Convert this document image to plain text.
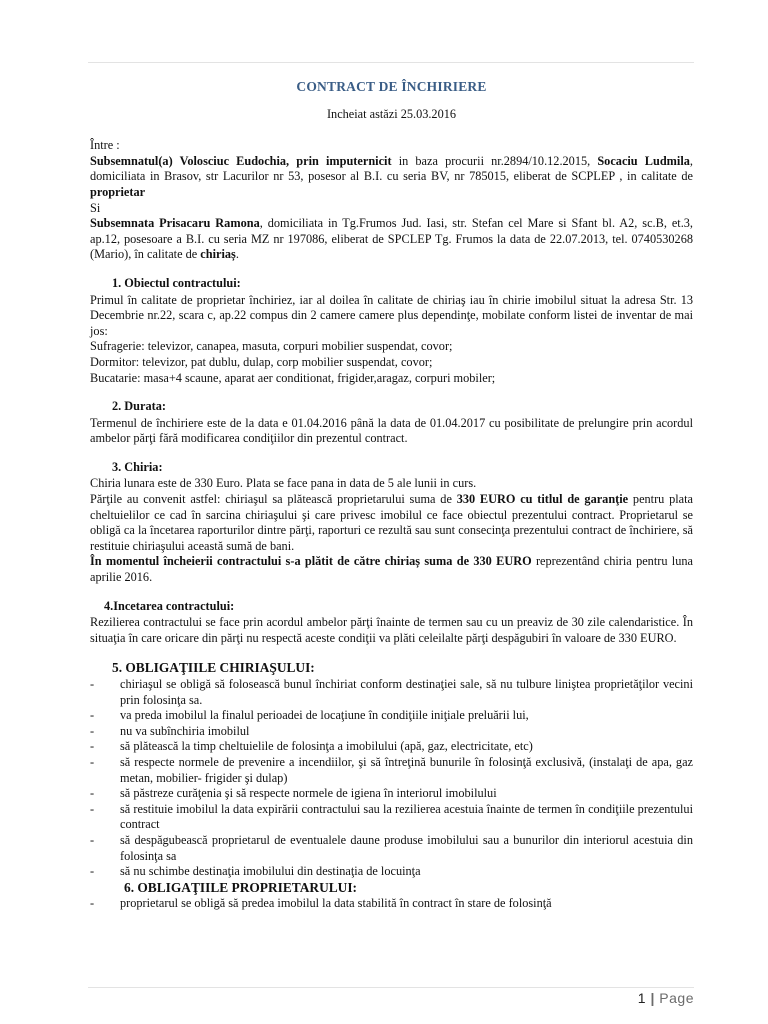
CONTRACT DE ÎNCHIRIERE

Incheiat astăzi 25.03.2016

Între :

Subsemnatul(a) Volosciuc Eudochia, prin imputernicit in baza procurii nr.2894/10.12.2015, Socaciu Ludmila, domiciliata in Brasov, str Lacurilor nr 53, posesor al B.I. cu seria BV, nr 785015, eliberat de SCPLEP , in calitate de proprietar

Si

Subsemnata Prisacaru Ramona, domiciliata in Tg.Frumos Jud. Iasi, str. Stefan cel Mare si Sfant bl. A2, sc.B, et.3, ap.12, posesoare a B.I. cu seria MZ nr 197086, eliberat de SPCLEP Tg. Frumos la data de 22.07.2013, tel. 0740530268 (Mario), în calitate de chiriaș.

1. Obiectul contractului:

Primul în calitate de proprietar închiriez, iar al doilea în calitate de chiriaş iau în chirie imobilul situat la adresa Str. 13 Decembrie nr.22, scara c, ap.22 compus din 2 camere camere plus dependinţe, mobilate conform listei de inventar de mai jos:

Sufragerie: televizor, canapea, masuta, corpuri mobilier suspendat, covor;

Dormitor: televizor, pat dublu, dulap, corp mobilier suspendat, covor;

Bucatarie: masa+4 scaune, aparat aer conditionat, frigider,aragaz, corpuri mobiler;

2. Durata:

Termenul de închiriere este de la data e 01.04.2016 până la data de 01.04.2017 cu posibilitate de prelungire prin acordul ambelor părţi fără modificarea condiţiilor din prezentul contract.

3. Chiria:

Chiria lunara este de 330 Euro. Plata se face pana in data de 5 ale lunii in curs.

Părţile au convenit astfel: chiriaşul sa plătească proprietarului suma de 330 EURO cu titlul de garanţie pentru plata cheltuielilor ce cad în sarcina chiriaşului şi care privesc imobilul ce face obiectul prezentului contract. Proprietarul se obligă ca la încetarea raporturilor dintre părţi, raporturi ce rezultă sau sunt consecinţa prezentului contract de închiriere, să restituie chiriaşului această sumă de bani.

În momentul încheierii contractului s-a plătit de către chiriaș suma de 330 EURO reprezentând chiria pentru luna aprilie 2016.

4.Incetarea contractului:

Rezilierea contractului se face prin acordul ambelor părţi înainte de termen sau cu un preaviz de 30 zile calendaristice. În situaţia în care oricare din părţi nu respectă aceste condiţii va plăti celeilalte părţi despăgubiri în valoare de 330 EURO.

5. OBLIGAŢIILE CHIRIAŞULUI:

- chiriaşul se obligă să folosească bunul închiriat conform destinaţiei sale, să nu tulbure liniştea proprietăţilor vecini prin folosinţa sa.
- va preda imobilul la finalul perioadei de locaţiune în condiţiile iniţiale preluării lui,
- nu va subînchiria imobilul
- să plătească la timp cheltuielile de folosinţa a imobilului (apă, gaz, electricitate, etc)
- să respecte normele de prevenire a incendiilor, şi să întreţină bunurile în folosinţă exclusivă, (instalaţi de apa, gaz metan, mobilier- frigider şi dulap)
- să păstreze curăţenia şi să respecte normele de igiena în interiorul imobilului
- să restituie imobilul la data expirării contractului sau la rezilierea acestuia înainte de termen în condiţiile prezentului contract
- să despăgubească proprietarul de eventualele daune produse imobilului sau a bunurilor din interiorul acestuia din folosinţa sa
- să nu schimbe destinaţia imobilului din destinaţia de locuinţa

6. OBLIGAŢIILE PROPRIETARULUI:

- proprietarul se obligă să predea imobilul la data stabilită în contract în stare de folosinţă
1 | Page
